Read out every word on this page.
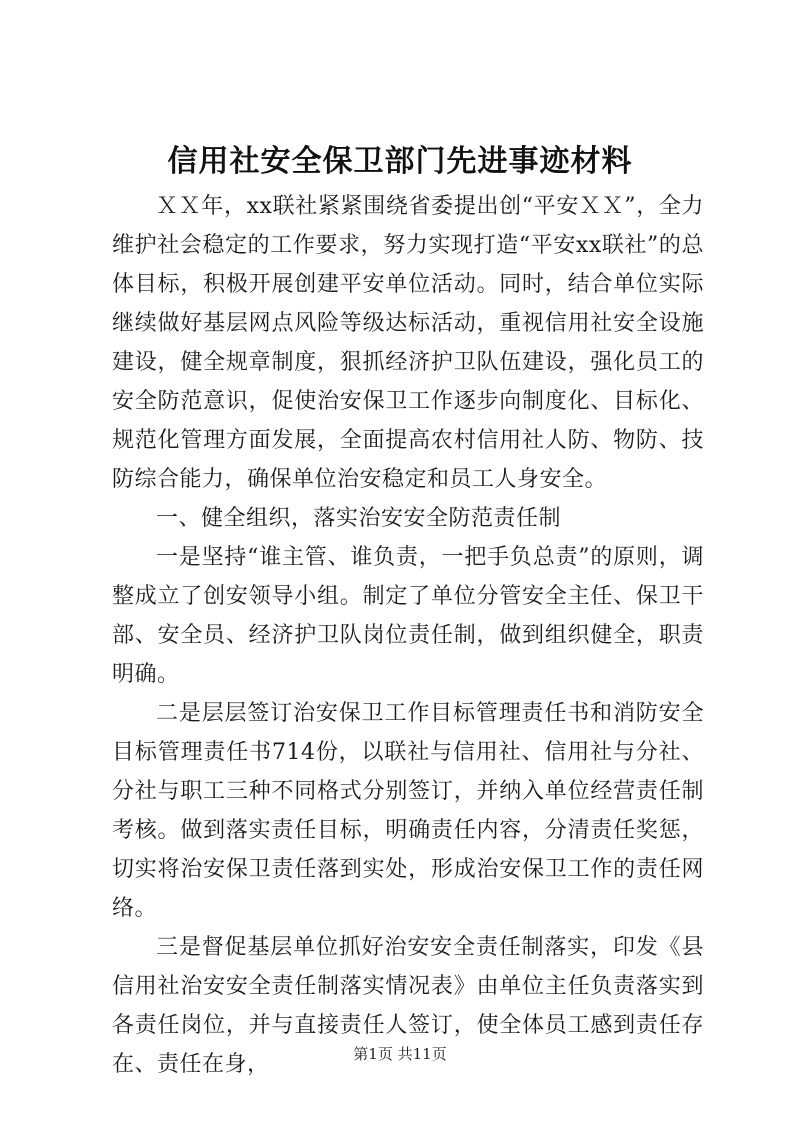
信用社安全保卫部门先进事迹材料

ＸＸ年，xx联社紧紧围绕省委提出创“平安ＸＸ”，全力维护社会稳定的工作要求，努力实现打造“平安xx联社”的总体目标，积极开展创建平安单位活动。同时，结合单位实际继续做好基层网点风险等级达标活动，重视信用社安全设施建设，健全规章制度，狠抓经济护卫队伍建设，强化员工的安全防范意识，促使治安保卫工作逐步向制度化、目标化、规范化管理方面发展，全面提高农村信用社人防、物防、技防综合能力，确保单位治安稳定和员工人身安全。

一、健全组织，落实治安安全防范责任制

一是坚持“谁主管、谁负责，一把手负总责”的原则，调整成立了创安领导小组。制定了单位分管安全主任、保卫干部、安全员、经济护卫队岗位责任制，做到组织健全，职责明确。

二是层层签订治安保卫工作目标管理责任书和消防安全目标管理责任书714份，以联社与信用社、信用社与分社、分社与职工三种不同格式分别签订，并纳入单位经营责任制考核。做到落实责任目标，明确责任内容，分清责任奖惩，切实将治安保卫责任落到实处，形成治安保卫工作的责任网络。

三是督促基层单位抓好治安安全责任制落实，印发《县信用社治安安全责任制落实情况表》由单位主任负责落实到各责任岗位，并与直接责任人签订，使全体员工感到责任存在、责任在身，	第1页 共11页
